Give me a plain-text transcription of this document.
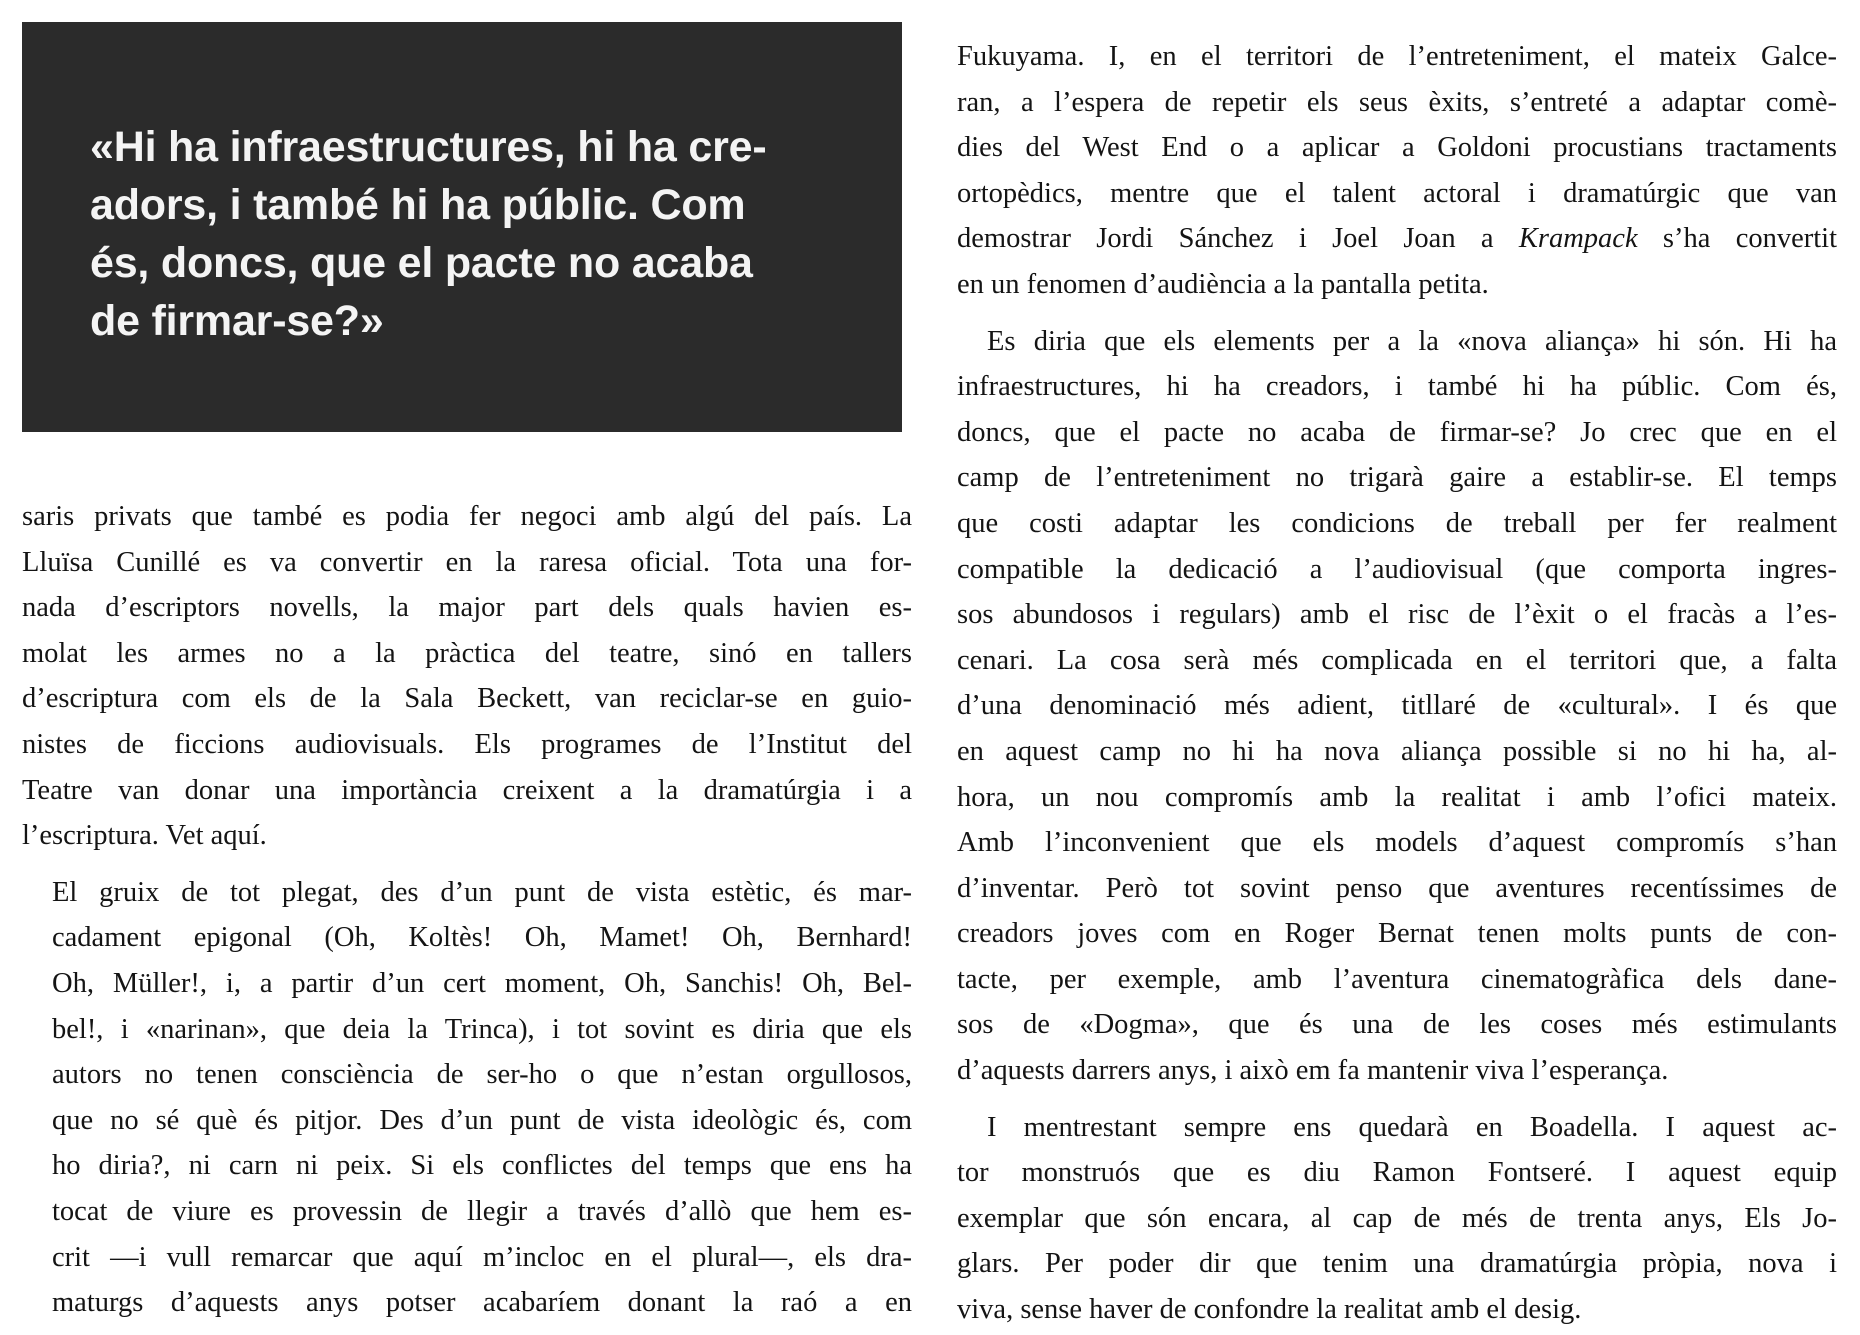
«Hi ha infraestructures, hi ha cre-
adors, i també hi ha públic. Com
és, doncs, que el pacte no acaba
de firmar-se?»

saris privats que també es podia fer negoci amb algú del país. La
Lluïsa Cunillé es va convertir en la raresa oficial. Tota una for-
nada d’escriptors novells, la major part dels quals havien es-
molat les armes no a la pràctica del teatre, sinó en tallers
d’escriptura com els de la Sala Beckett, van reciclar-se en guio-
nistes de ficcions audiovisuals. Els programes de l’Institut del
Teatre van donar una importància creixent a la dramatúrgia i a
l’escriptura. Vet aquí.

El gruix de tot plegat, des d’un punt de vista estètic, és mar-
cadament epigonal (Oh, Koltès! Oh, Mamet! Oh, Bernhard!
Oh, Müller!, i, a partir d’un cert moment, Oh, Sanchis! Oh, Bel-
bel!, i «narinan», que deia la Trinca), i tot sovint es diria que els
autors no tenen consciència de ser-ho o que n’estan orgullosos,
que no sé què és pitjor. Des d’un punt de vista ideològic és, com
ho diria?, ni carn ni peix. Si els conflictes del temps que ens ha
tocat de viure es provessin de llegir a través d’allò que hem es-
crit —i vull remarcar que aquí m’incloc en el plural—, els dra-
maturgs d’aquests anys potser acabaríem donant la raó a en

Fukuyama. I, en el territori de l’entreteniment, el mateix Galce-
ran, a l’espera de repetir els seus èxits, s’entreté a adaptar comè-
dies del West End o a aplicar a Goldoni procustians tractaments
ortopèdics, mentre que el talent actoral i dramatúrgic que van
demostrar Jordi Sánchez i Joel Joan a Krampack s’ha convertit
en un fenomen d’audiència a la pantalla petita.

Es diria que els elements per a la «nova aliança» hi són. Hi ha
infraestructures, hi ha creadors, i també hi ha públic. Com és,
doncs, que el pacte no acaba de firmar-se? Jo crec que en el
camp de l’entreteniment no trigarà gaire a establir-se. El temps
que costi adaptar les condicions de treball per fer realment
compatible la dedicació a l’audiovisual (que comporta ingres-
sos abundosos i regulars) amb el risc de l’èxit o el fracàs a l’es-
cenari. La cosa serà més complicada en el territori que, a falta
d’una denominació més adient, titllaré de «cultural». I és que
en aquest camp no hi ha nova aliança possible si no hi ha, al-
hora, un nou compromís amb la realitat i amb l’ofici mateix.
Amb l’inconvenient que els models d’aquest compromís s’han
d’inventar. Però tot sovint penso que aventures recentíssimes de
creadors joves com en Roger Bernat tenen molts punts de con-
tacte, per exemple, amb l’aventura cinematogràfica dels dane-
sos de «Dogma», que és una de les coses més estimulants
d’aquests darrers anys, i això em fa mantenir viva l’esperança.

I mentrestant sempre ens quedarà en Boadella. I aquest ac-
tor monstruós que es diu Ramon Fontseré. I aquest equip
exemplar que són encara, al cap de més de trenta anys, Els Jo-
glars. Per poder dir que tenim una dramatúrgia pròpia, nova i
viva, sense haver de confondre la realitat amb el desig.
